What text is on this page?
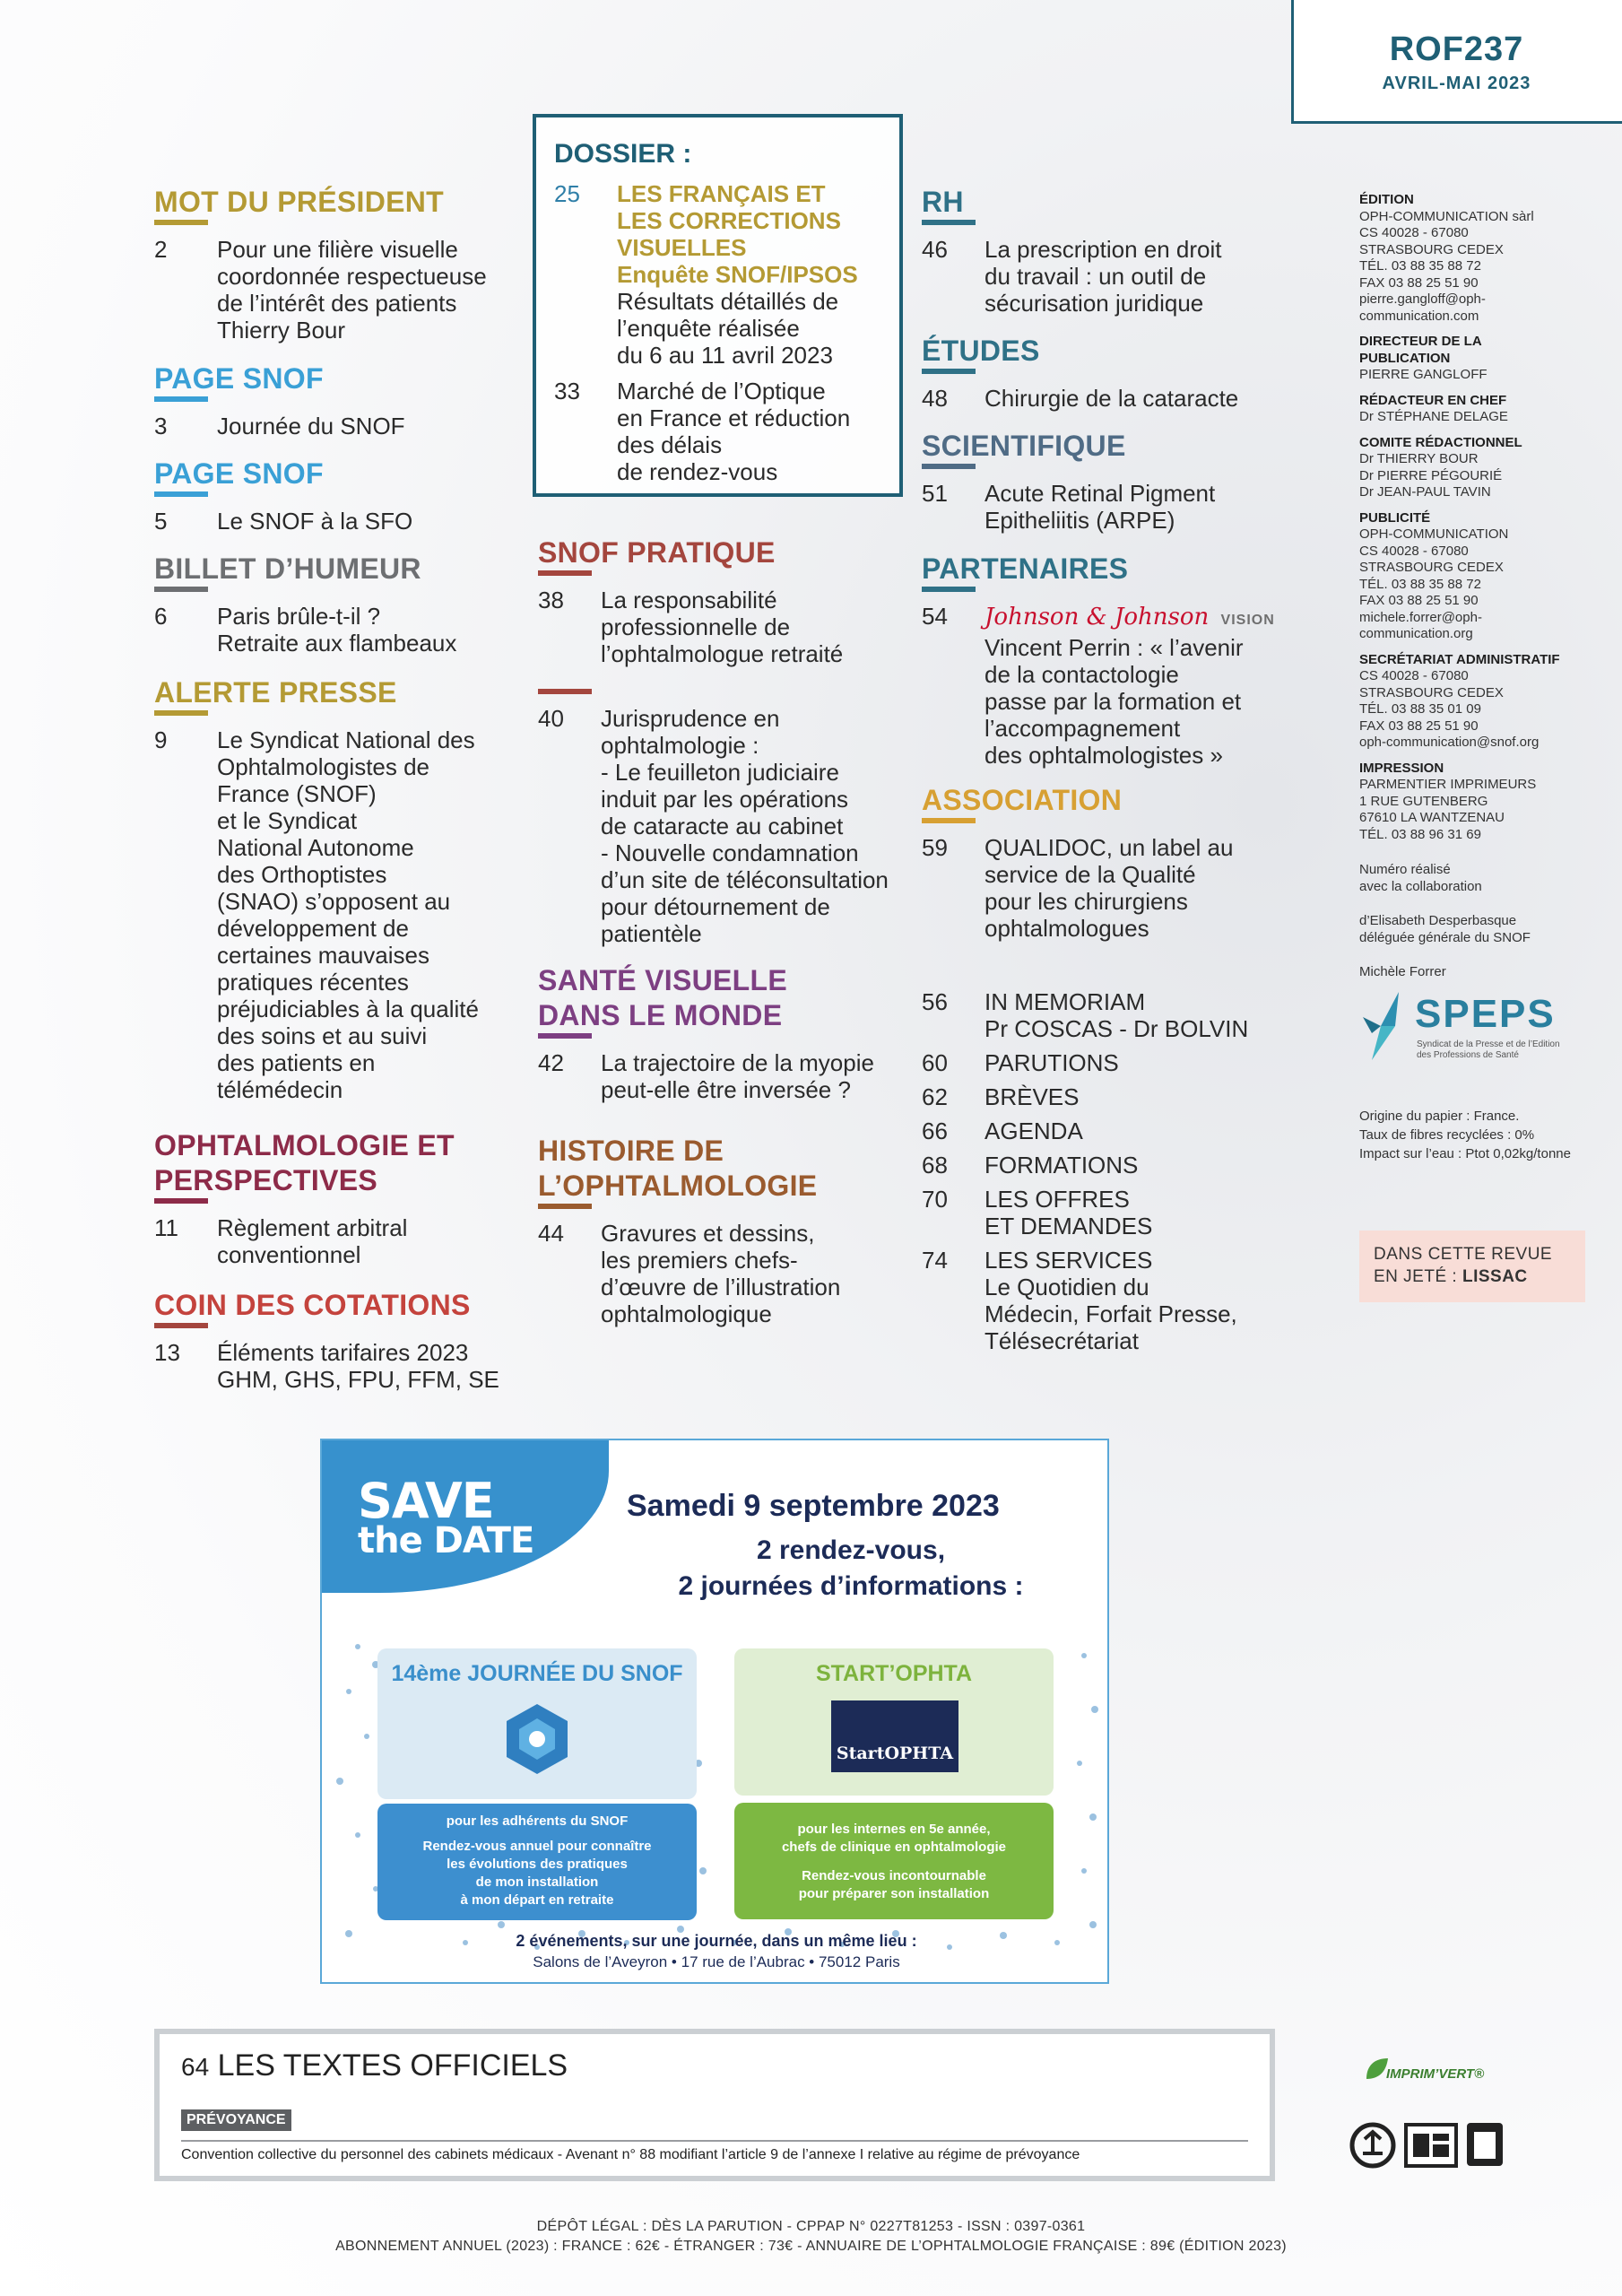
ROF237
AVRIL-MAI 2023
MOT DU PRÉSIDENT
2	Pour une filière visuelle
coordonnée respectueuse
de l’intérêt des patients
Thierry Bour
PAGE SNOF
3	Journée du SNOF
PAGE SNOF
5	Le SNOF à la SFO
BILLET D’HUMEUR
6	Paris brûle-t-il ?
Retraite aux flambeaux
ALERTE PRESSE
9	Le Syndicat National des
Ophtalmologistes de
France (SNOF)
et le Syndicat
National Autonome
des Orthoptistes
(SNAO) s’opposent au
développement de
certaines mauvaises
pratiques récentes
préjudiciables à la qualité
des soins et au suivi
des patients en
télémédecin
OPHTALMOLOGIE ET
PERSPECTIVES
11	Règlement arbitral
conventionnel
COIN DES COTATIONS
13	Éléments tarifaires 2023
GHM, GHS, FPU, FFM, SE
DOSSIER :
25	LES FRANÇAIS ET
LES CORRECTIONS
VISUELLES
Enquête SNOF/IPSOS
Résultats détaillés de
l’enquête réalisée
du 6 au 11 avril 2023
33	Marché de l’Optique
en France et réduction
des délais
de rendez-vous
SNOF PRATIQUE
38	La responsabilité
professionnelle de
l’ophtalmologue retraité
40	Jurisprudence en
ophtalmologie :
- Le feuilleton judiciaire
induit par les opérations
de cataracte au cabinet
- Nouvelle condamnation
d’un site de téléconsultation
pour détournement de
patientèle
SANTÉ VISUELLE
DANS LE MONDE
42	La trajectoire de la myopie
peut-elle être inversée ?
HISTOIRE DE
L’OPHTALMOLOGIE
44	Gravures et dessins,
les premiers chefs-
d’œuvre de l’illustration
ophtalmologique
RH
46	La prescription en droit
du travail : un outil de
sécurisation juridique
ÉTUDES
48	Chirurgie de la cataracte
SCIENTIFIQUE
51	Acute Retinal Pigment
Epitheliitis (ARPE)
PARTENAIRES
54	Johnson & Johnson VISION
Vincent Perrin : « l’avenir
de la contactologie
passe par la formation et
l’accompagnement
des ophtalmologistes »
ASSOCIATION
59	QUALIDOC, un label au
service de la Qualité
pour les chirurgiens
ophtalmologues
56	IN MEMORIAM
Pr COSCAS - Dr BOLVIN
60	PARUTIONS
62	BRÈVES
66	AGENDA
68	FORMATIONS
70	LES OFFRES
ET DEMANDES
74	LES SERVICES
Le Quotidien du
Médecin, Forfait Presse,
Télésecrétariat
ÉDITION
OPH-COMMUNICATION sàrl
CS 40028 - 67080
STRASBOURG CEDEX
TÉL. 03 88 35 88 72
FAX 03 88 25 51 90
pierre.gangloff@oph-
communication.com
DIRECTEUR DE LA
PUBLICATION
PIERRE GANGLOFF
RÉDACTEUR EN CHEF
Dr STÉPHANE DELAGE
COMITE RÉDACTIONNEL
Dr THIERRY BOUR
Dr PIERRE PÉGOURIÉ
Dr JEAN-PAUL TAVIN
PUBLICITÉ
OPH-COMMUNICATION
CS 40028 - 67080
STRASBOURG CEDEX
TÉL. 03 88 35 88 72
FAX 03 88 25 51 90
michele.forrer@oph-
communication.org
SECRÉTARIAT ADMINISTRATIF
CS 40028 - 67080
STRASBOURG CEDEX
TÉL. 03 88 35 01 09
FAX 03 88 25 51 90
oph-communication@snof.org
IMPRESSION
PARMENTIER IMPRIMEURS
1 RUE GUTENBERG
67610 LA WANTZENAU
TÉL. 03 88 96 31 69
Numéro réalisé
avec la collaboration

d’Elisabeth Desperbasque
déléguée générale du SNOF

Michèle Forrer
SPEPS
Syndicat de la Presse et de l’Edition
des Professions de Santé
Origine du papier : France.
Taux de fibres recyclées : 0%
Impact sur l’eau : Ptot 0,02kg/tonne
DANS CETTE REVUE
EN JETÉ : LISSAC
SAVE
the DATE
Samedi 9 septembre 2023
2 rendez-vous,
2 journées d’informations :
14ème JOURNÉE DU SNOF
pour les adhérents du SNOF
Rendez-vous annuel pour connaître
les évolutions des pratiques
de mon installation
à mon départ en retraite
START’OPHTA
StartOPHTA
pour les internes en 5e année,
chefs de clinique en ophtalmologie
Rendez-vous incontournable
pour préparer son installation
2 événements, sur une journée, dans un même lieu :
Salons de l’Aveyron • 17 rue de l’Aubrac • 75012 Paris
64 LES TEXTES OFFICIELS
PRÉVOYANCE
Convention collective du personnel des cabinets médicaux - Avenant n° 88 modifiant l’article 9 de l’annexe I relative au régime de prévoyance
IMPRIM’VERT®
DÉPÔT LÉGAL : DÈS LA PARUTION - CPPAP N° 0227T81253 - ISSN : 0397-0361
ABONNEMENT ANNUEL (2023) : FRANCE : 62€ - ÉTRANGER : 73€ - ANNUAIRE DE L’OPHTALMOLOGIE FRANÇAISE : 89€ (ÉDITION 2023)
